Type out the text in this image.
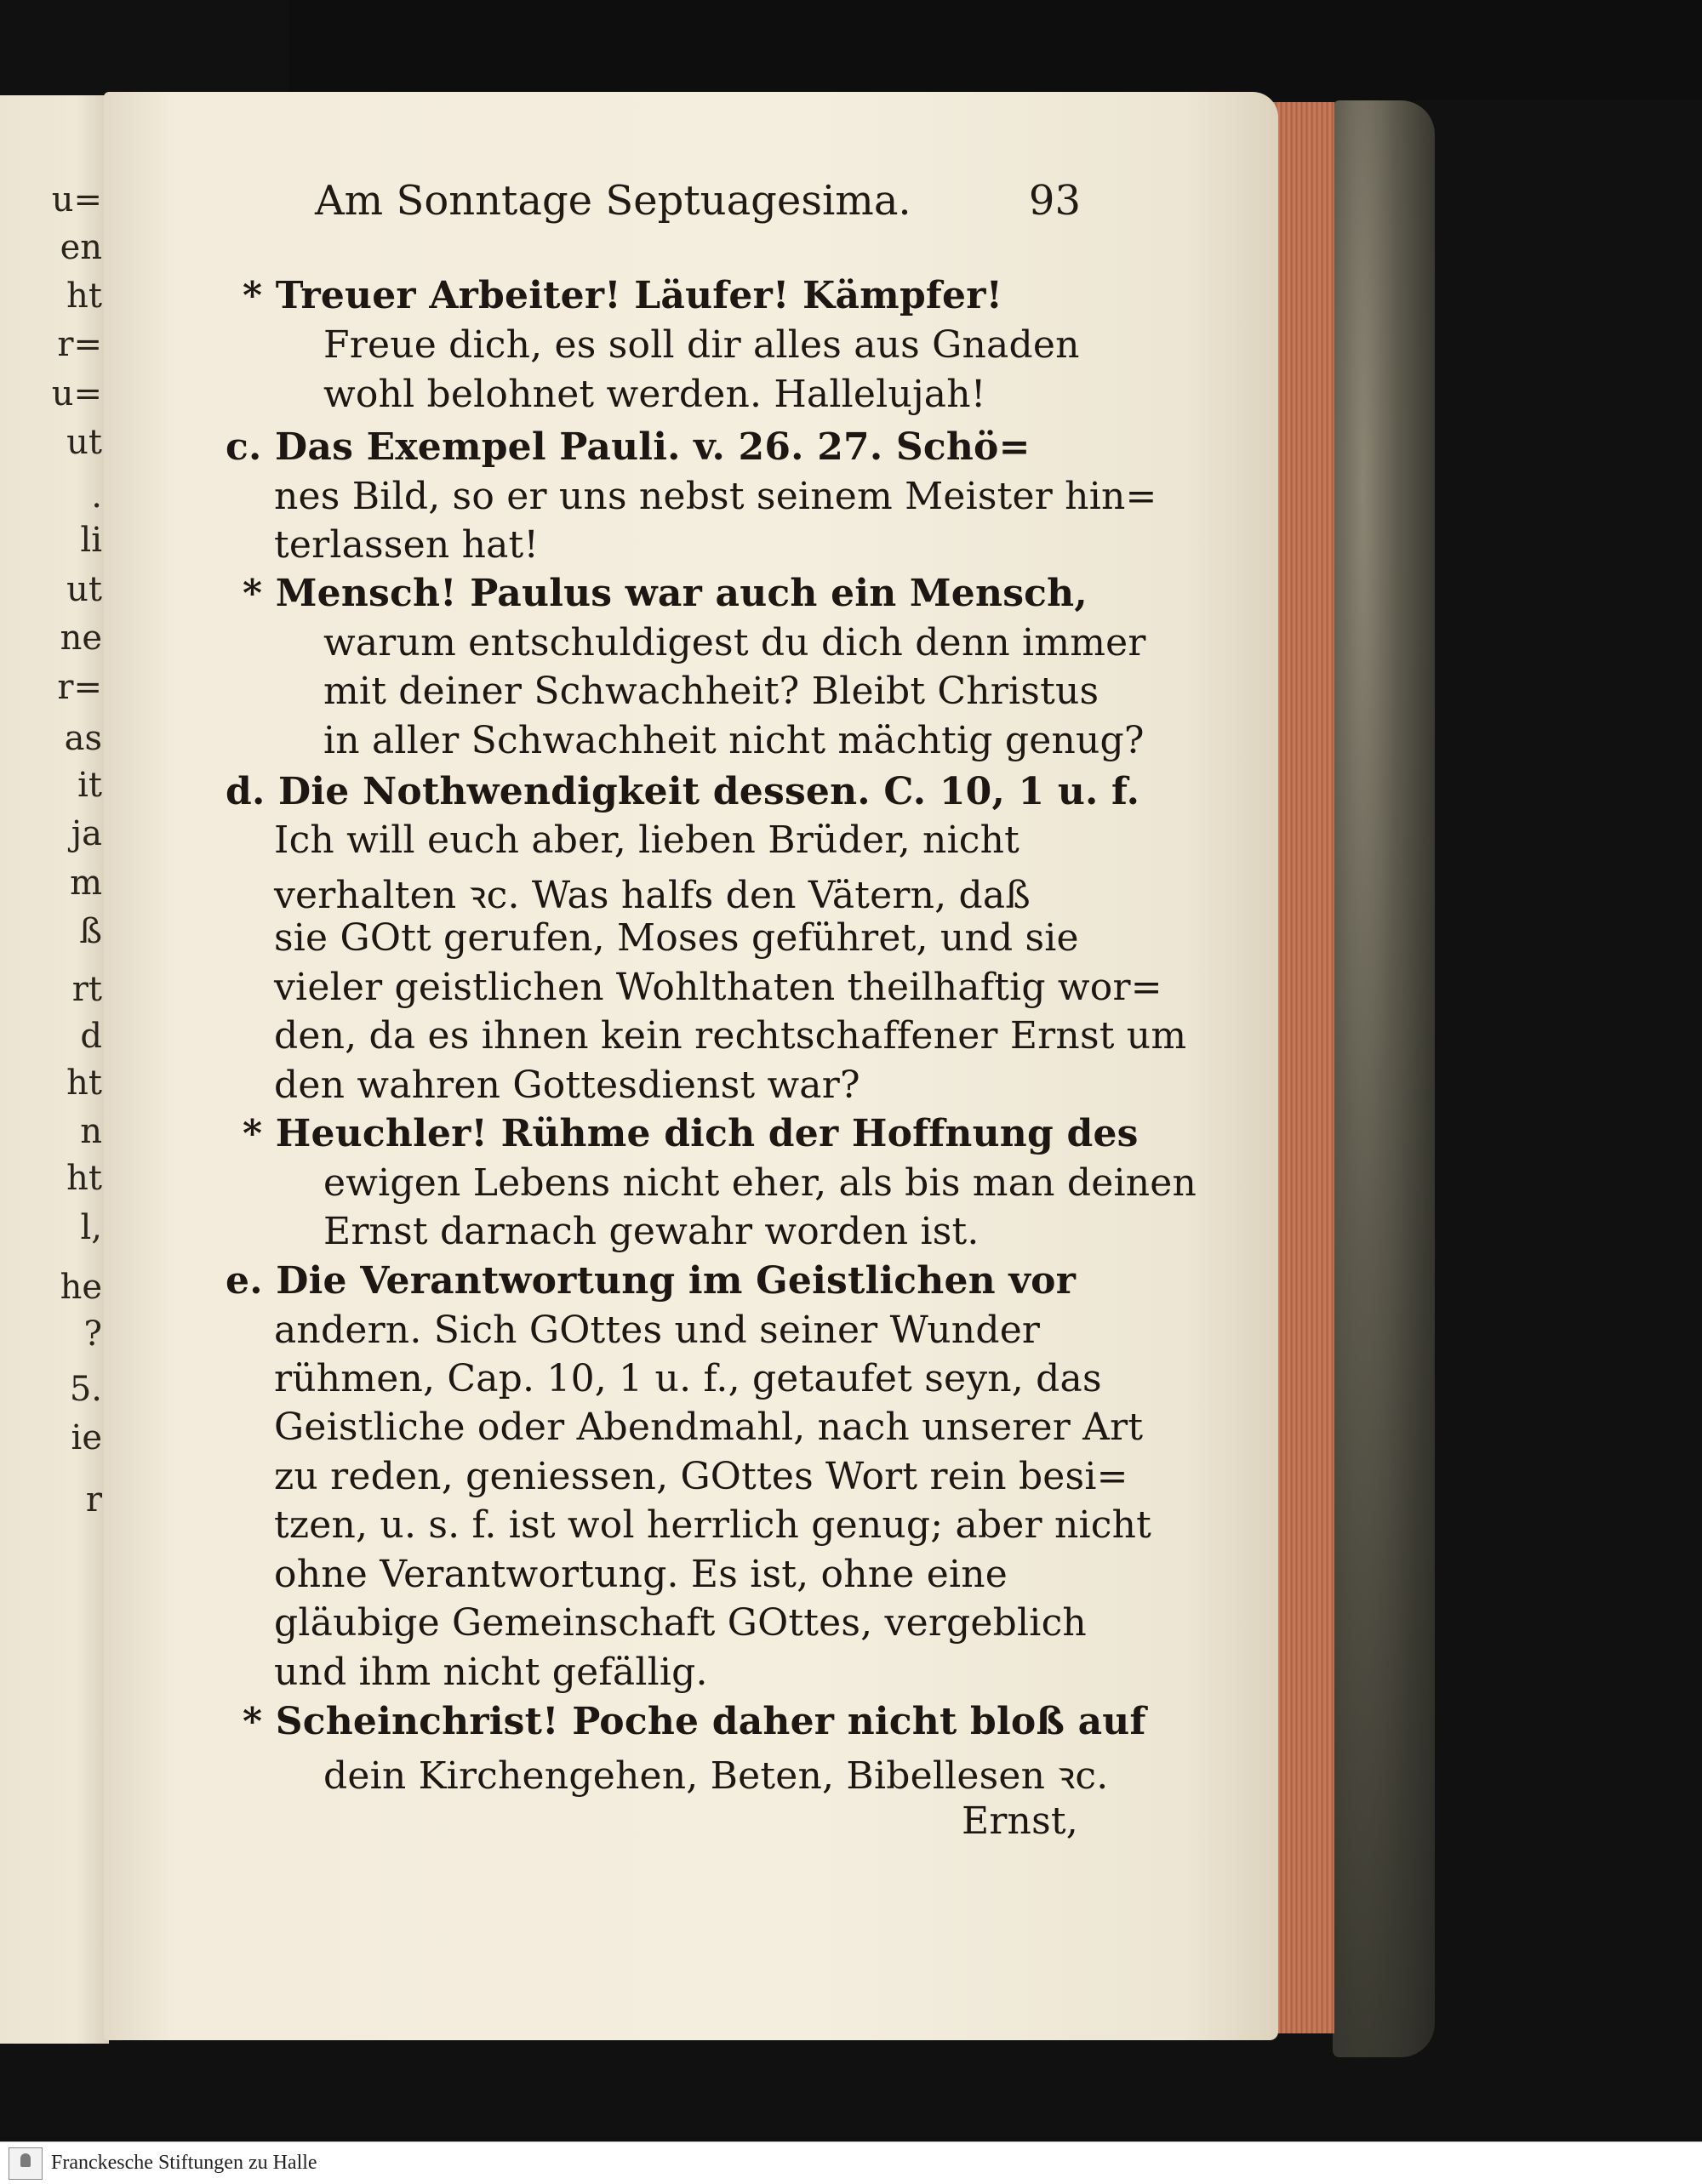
u=
en
ht
r=
u=
ut
.
li
ut
ne
r=
as
it
ja
m
ß
rt
d
ht
n
ht
l,
he
?
5.
ie
r
Am Sonntage Septuagesima.	93
* Treuer Arbeiter! Läufer! Kämpfer!
Freue dich, es soll dir alles aus Gnaden
wohl belohnet werden. Hallelujah!
c. Das Exempel Pauli. v. 26. 27. Schö=
nes Bild, so er uns nebst seinem Meister hin=
terlassen hat!
* Mensch! Paulus war auch ein Mensch,
warum entschuldigest du dich denn immer
mit deiner Schwachheit? Bleibt Christus
in aller Schwachheit nicht mächtig genug?
d. Die Nothwendigkeit dessen. C. 10, 1 u. f.
Ich will euch aber, lieben Brüder, nicht
verhalten ꝛc. Was halfs den Vätern, daß
sie GOtt gerufen, Moses geführet, und sie
vieler geistlichen Wohlthaten theilhaftig wor=
den, da es ihnen kein rechtschaffener Ernst um
den wahren Gottesdienst war?
* Heuchler! Rühme dich der Hoffnung des
ewigen Lebens nicht eher, als bis man deinen
Ernst darnach gewahr worden ist.
e. Die Verantwortung im Geistlichen vor
andern. Sich GOttes und seiner Wunder
rühmen, Cap. 10, 1 u. f., getaufet seyn, das
Geistliche oder Abendmahl, nach unserer Art
zu reden, geniessen, GOttes Wort rein besi=
tzen, u. s. f. ist wol herrlich genug; aber nicht
ohne Verantwortung. Es ist, ohne eine
gläubige Gemeinschaft GOttes, vergeblich
und ihm nicht gefällig.
* Scheinchrist! Poche daher nicht bloß auf
dein Kirchengehen, Beten, Bibellesen ꝛc.
Ernst,
Franckesche Stiftungen zu Halle
